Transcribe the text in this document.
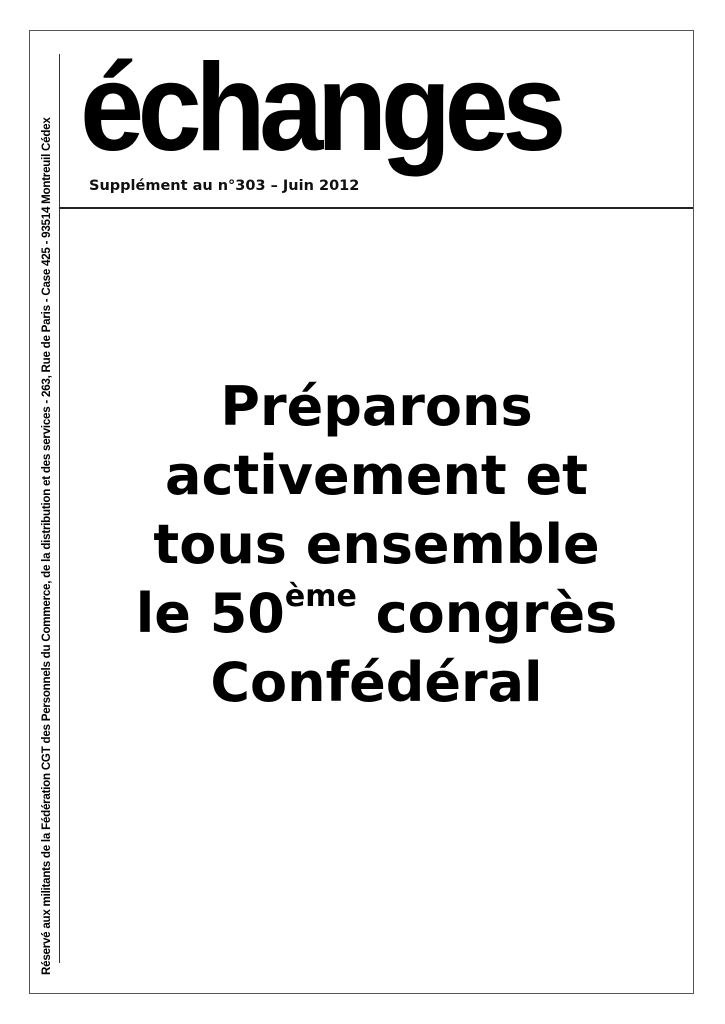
Réservé aux militants de la Fédération CGT des Personnels du Commerce, de la distribution et des services - 263, Rue de Paris - Case 425 - 93514 Montreuil Cédex
échanges
Supplément au n°303 – Juin 2012
Préparons
activement et
tous ensemble
le 50ème congrès
Confédéral
